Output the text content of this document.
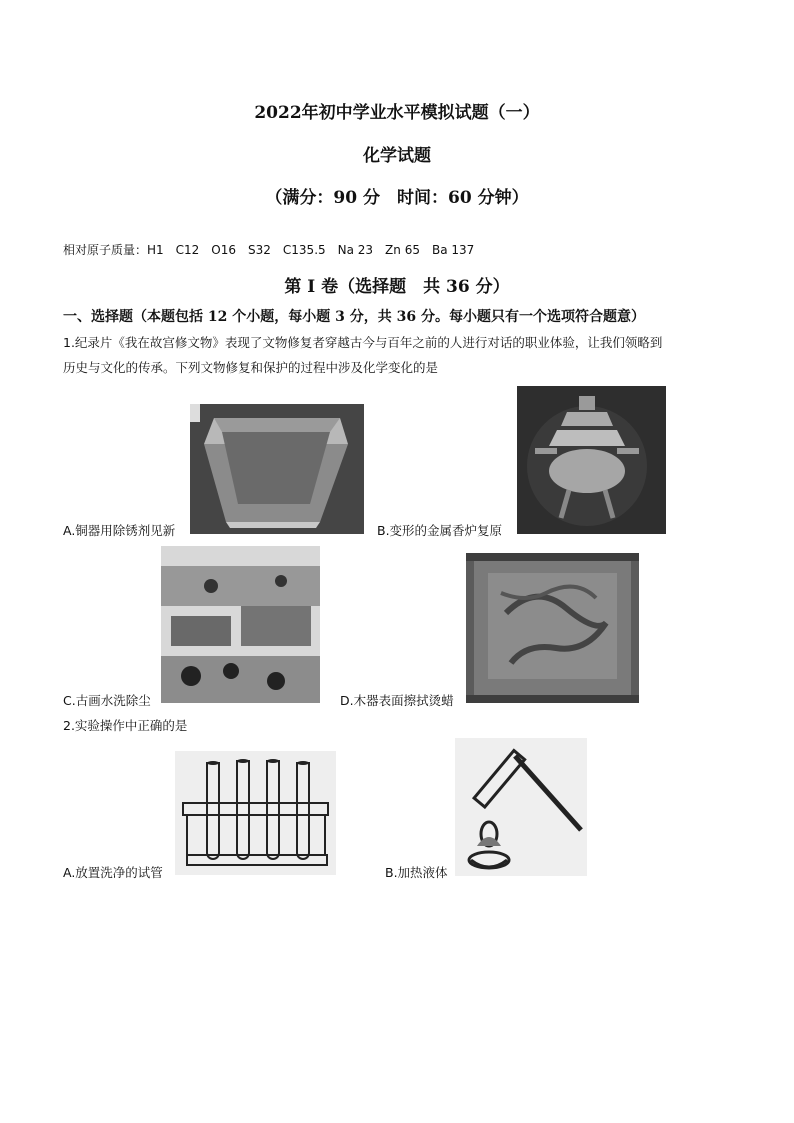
2022年初中学业水平模拟试题（一）
化学试题
（满分：90 分　时间：60 分钟）
相对原子质量：H1　C12　O16　S32　C135.5　Na 23　Zn 65　Ba 137
第 I 卷（选择题　共 36 分）
一、选择题（本题包括 12 个小题，每小题 3 分，共 36 分。每小题只有一个选项符合题意）
1.纪录片《我在故宫修文物》表现了文物修复者穿越古今与百年之前的人进行对话的职业体验，让我们领略到
历史与文化的传承。下列文物修复和保护的过程中涉及化学变化的是
A.铜器用除锈剂见新	B.变形的金属香炉复原
C.古画水洗除尘	D.木器表面擦拭烫蜡
2.实验操作中正确的是
A.放置洗净的试管	B.加热液体
